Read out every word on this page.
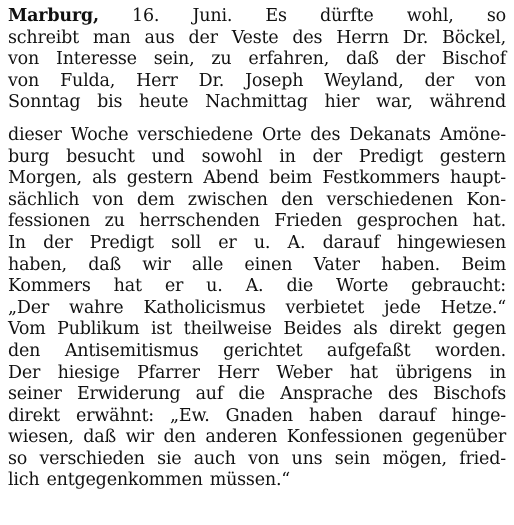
Marburg, 16. Juni. Es dürfte wohl, so
schreibt man aus der Veste des Herrn Dr. Böckel,
von Interesse sein, zu erfahren, daß der Bischof
von Fulda, Herr Dr. Joseph Weyland, der von
Sonntag bis heute Nachmittag hier war, während
dieser Woche verschiedene Orte des Dekanats Amöne-
burg besucht und sowohl in der Predigt gestern
Morgen, als gestern Abend beim Festkommers haupt-
sächlich von dem zwischen den verschiedenen Kon-
fessionen zu herrschenden Frieden gesprochen hat.
In der Predigt soll er u. A. darauf hingewiesen
haben, daß wir alle einen Vater haben. Beim
Kommers hat er u. A. die Worte gebraucht:
„Der wahre Katholicismus verbietet jede Hetze.“
Vom Publikum ist theilweise Beides als direkt gegen
den Antisemitismus gerichtet aufgefaßt worden.
Der hiesige Pfarrer Herr Weber hat übrigens in
seiner Erwiderung auf die Ansprache des Bischofs
direkt erwähnt: „Ew. Gnaden haben darauf hinge-
wiesen, daß wir den anderen Konfessionen gegenüber
so verschieden sie auch von uns sein mögen, fried-
lich entgegenkommen müssen.“
